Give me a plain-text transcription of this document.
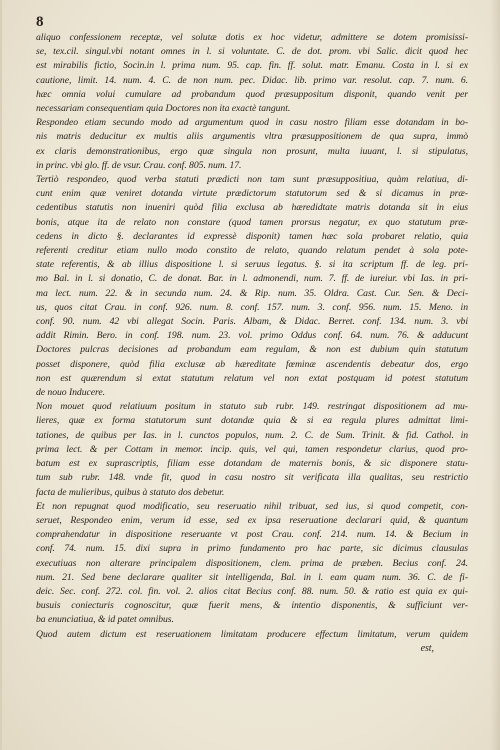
8
aliquo confessionem receptæ, vel solutæ dotis ex hoc videtur, admittere se dotem promisissi-
se, tex.cil. singul.vbi notant omnes in l. si voluntate. C. de dot. prom. vbi Salic. dicit quod hec
est mirabilis fictio, Socin.in l. prima num. 95. cap. fin. ff. solut. matr. Emanu. Costa in l. si ex
cautione, limit. 14. num. 4. C. de non num. pec. Didac. lib. primo var. resolut. cap. 7. num. 6.
hæc omnia volui cumulare ad probandum quod præsuppositum disponit, quando venit per
necessariam consequentiam quia Doctores non ita exactè tangunt.
Respondeo etiam secundo modo ad argumentum quod in casu nostro filiam esse dotandam in bo-
nis matris deducitur ex multis aliis argumentis vltra præsuppositionem de qua supra, immò
ex claris demonstrationibus, ergo quæ singula non prosunt, multa iuuant, l. si stipulatus,
in princ. vbi glo. ff. de vsur. Crau. conf. 805. num. 17.
Tertiò respondeo, quod verba statuti prædicti non tam sunt præsuppositiua, quàm relatiua, di-
cunt enim quæ veniret dotanda virtute prædictorum statutorum sed & si dicamus in præ-
cedentibus statutis non inueniri quòd filia exclusa ab hæredidtate matris dotanda sit in eius
bonis, atque ita de relato non constare (quod tamen prorsus negatur, ex quo statutum præ-
cedens in dicto §. declarantes id expressè disponit) tamen hæc sola probaret relatio, quia
referenti creditur etiam nullo modo constito de relato, quando relatum pendet à sola pote-
state referentis, & ab illius dispositione l. si seruus legatus. §. si ita scriptum ff. de leg. pri-
mo Bal. in l. si donatio, C. de donat. Bar. in l. admonendi, num. 7. ff. de iureiur. vbi Ias. in pri-
ma lect. num. 22. & in secunda num. 24. & Rip. num. 35. Oldra. Cast. Cur. Sen. & Deci-
us, quos citat Crau. in conf. 926. num. 8. conf. 157. num. 3. conf. 956. num. 15. Meno. in
conf. 90. num. 42 vbi allegat Socin. Paris. Albam, & Didac. Berret. conf. 134. num. 3. vbi
addit Rimin. Bero. in conf. 198. num. 23. vol. primo Oddus conf. 64. num. 76. & adducunt
Doctores pulcras decisiones ad probandum eam regulam, & non est dubium quin statutum
posset disponere, quòd filia exclusæ ab hæreditate fœminæ ascendentis debeatur dos, ergo
non est quærendum si extat statutum relatum vel non extat postquam id potest statutum
de nouo Inducere.
Non mouet quod relatiuum positum in statuto sub rubr. 149. restringat dispositionem ad mu-
lieres, quæ ex forma statutorum sunt dotandæ quia & si ea regula plures admittat limi-
tationes, de quibus per Ias. in l. cunctos populos, num. 2. C. de Sum. Trinit. & fid. Cathol. in
prima lect. & per Cottam in memor. incip. quis, vel qui, tamen respondetur clarius, quod pro-
batum est ex suprascriptis, filiam esse dotandam de maternis bonis, & sic disponere statu-
tum sub rubr. 148. vnde fit, quod in casu nostro sit verificata illa qualitas, seu restrictio
facta de mulieribus, quibus à statuto dos debetur.
Et non repugnat quod modificatio, seu reseruatio nihil tribuat, sed ius, si quod competit, con-
seruet, Respondeo enim, verum id esse, sed ex ipsa reseruatione declarari quid, & quantum
comprahendatur in dispositione reseruante vt post Crau. conf. 214. num. 14. & Becium in
conf. 74. num. 15. dixi supra in primo fundamento pro hac parte, sic dicimus clausulas
executiuas non alterare principalem dispositionem, clem. prima de præben. Becius conf. 24.
num. 21. Sed bene declarare qualiter sit intelligenda, Bal. in l. eam quam num. 36. C. de fi-
deic. Sec. conf. 272. col. fin. vol. 2. alios citat Becius conf. 88. num. 50. & ratio est quia ex qui-
busuis coniecturis cognoscitur, quæ fuerit mens, & intentio disponentis, & sufficiunt ver-
ba enunciatiua, & id patet omnibus.
Quod autem dictum est reseruationem limitatam producere effectum limitatum, verum quidem
est,
